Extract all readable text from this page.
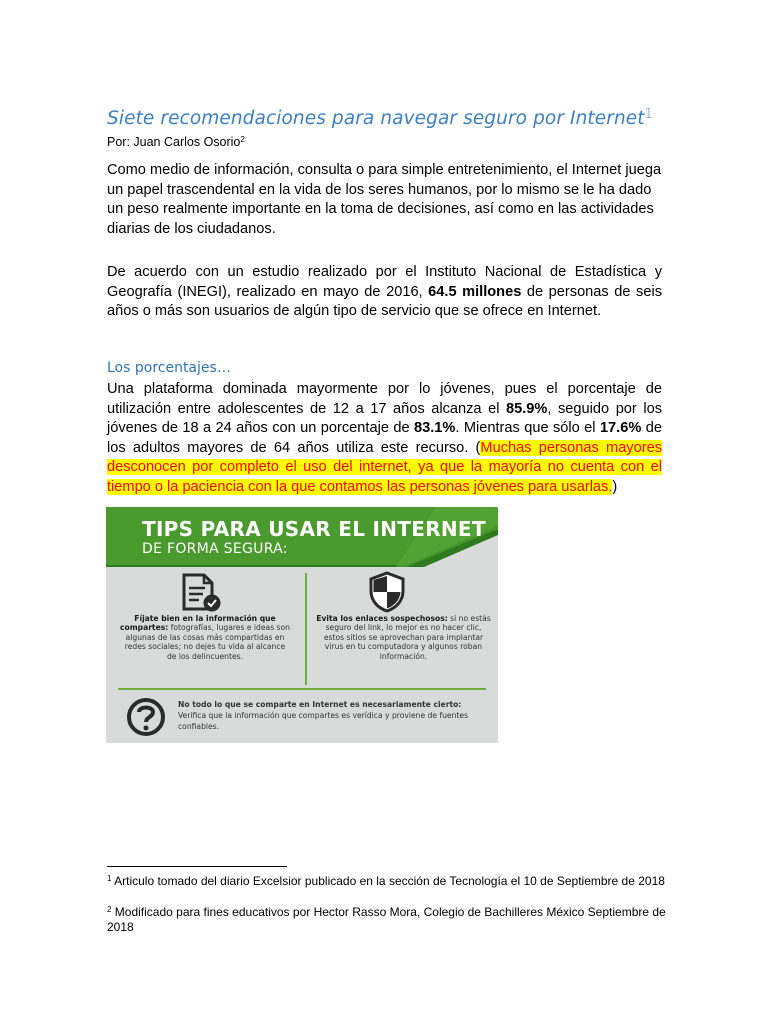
Siete recomendaciones para navegar seguro por Internet$^1$
Por: Juan Carlos Osorio$^2$
Como medio de información, consulta o para simple entretenimiento, el Internet juega un papel trascendental en la vida de los seres humanos, por lo mismo se le ha dado un peso realmente importante en la toma de decisiones, así como en las actividades diarias de los ciudadanos.
De acuerdo con un estudio realizado por el Instituto Nacional de Estadística y Geografía (INEGI), realizado en mayo de 2016, 64.5 millones de personas de seis años o más son usuarios de algún tipo de servicio que se ofrece en Internet.
Los porcentajes…
Una plataforma dominada mayormente por lo jóvenes, pues el porcentaje de utilización entre adolescentes de 12 a 17 años alcanza el 85.9%, seguido por los jóvenes de 18 a 24 años con un porcentaje de 83.1%. Mientras que sólo el 17.6% de los adultos mayores de 64 años utiliza este recurso. (Muchas personas mayores desconocen por completo el uso del internet, ya que la mayoría no cuenta con el tiempo o la paciencia con la que contamos las personas jóvenes para usarlas.)
TIPS PARA USAR EL INTERNET
DE FORMA SEGURA:
Fíjate bien en la información que compartes: fotografías, lugares e ideas son algunas de las cosas más compartidas en redes sociales; no dejes tu vida al alcance de los delincuentes.
Evita los enlaces sospechosos: si no estás seguro del link, lo mejor es no hacer clic, estos sitios se aprovechan para implantar virus en tu computadora y algunos roban información.
No todo lo que se comparte en Internet es necesariamente cierto: Verifica que la información que compartes es verídica y proviene de fuentes confiables.
$^1$ Articulo tomado del diario Excelsior publicado en la sección de Tecnología el 10 de Septiembre de 2018
$^2$ Modificado para fines educativos por Hector Rasso Mora, Colegio de Bachilleres México Septiembre de 2018
